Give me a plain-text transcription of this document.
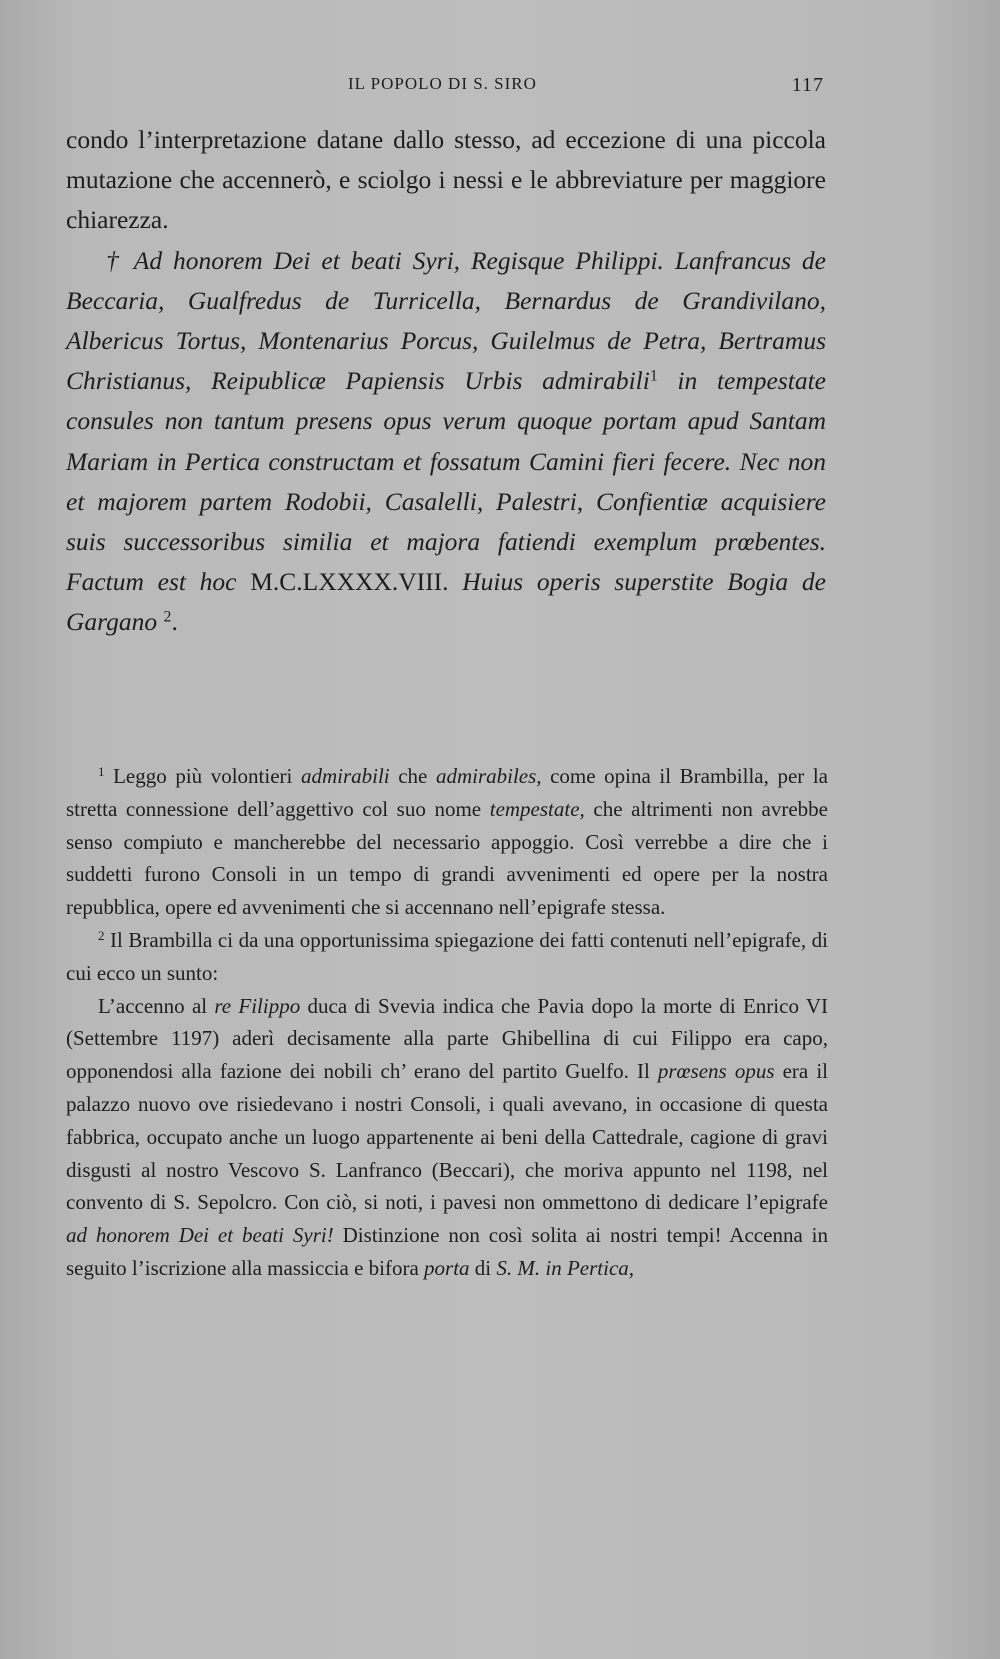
IL POPOLO DI S. SIRO	117

condo l’interpretazione datane dallo stesso, ad eccezione di una piccola mutazione che accennerò, e sciolgo i nessi e le abbreviature per maggiore chiarezza.

† Ad honorem Dei et beati Syri, Regisque Philippi. Lanfrancus de Beccaria, Gualfredus de Turricella, Bernardus de Grandivilano, Albericus Tortus, Montenarius Porcus, Guilelmus de Petra, Bertramus Christianus, Reipublicæ Papiensis Urbis admirabili$^1$ in tempestate consules non tantum presens opus verum quoque portam apud Santam Mariam in Pertica constructam et fossatum Camini fieri fecere. Nec non et majorem partem Rodobii, Casalelli, Palestri, Confientiæ acquisiere suis successoribus similia et majora fatiendi exemplum prœbentes. Factum est hoc M.C.LXXXX.VIII. Huius operis superstite Bogia de Gargano $^2$.

$^1$ Leggo più volontieri admirabili che admirabiles, come opina il Brambilla, per la stretta connessione dell’aggettivo col suo nome tempestate, che altrimenti non avrebbe senso compiuto e mancherebbe del necessario appoggio. Così verrebbe a dire che i suddetti furono Consoli in un tempo di grandi avvenimenti ed opere per la nostra repubblica, opere ed avvenimenti che si accennano nell’epigrafe stessa.

$^2$ Il Brambilla ci da una opportunissima spiegazione dei fatti contenuti nell’epigrafe, di cui ecco un sunto:

L’accenno al re Filippo duca di Svevia indica che Pavia dopo la morte di Enrico VI (Settembre 1197) aderì decisamente alla parte Ghibellina di cui Filippo era capo, opponendosi alla fazione dei nobili ch’ erano del partito Guelfo. Il prœsens opus era il palazzo nuovo ove risiedevano i nostri Consoli, i quali avevano, in occasione di questa fabbrica, occupato anche un luogo appartenente ai beni della Cattedrale, cagione di gravi disgusti al nostro Vescovo S. Lanfranco (Beccari), che moriva appunto nel 1198, nel convento di S. Sepolcro. Con ciò, si noti, i pavesi non ommettono di dedicare l’epigrafe ad honorem Dei et beati Syri! Distinzione non così solita ai nostri tempi! Accenna in seguito l’iscrizione alla massiccia e bifora porta di S. M. in Pertica,
